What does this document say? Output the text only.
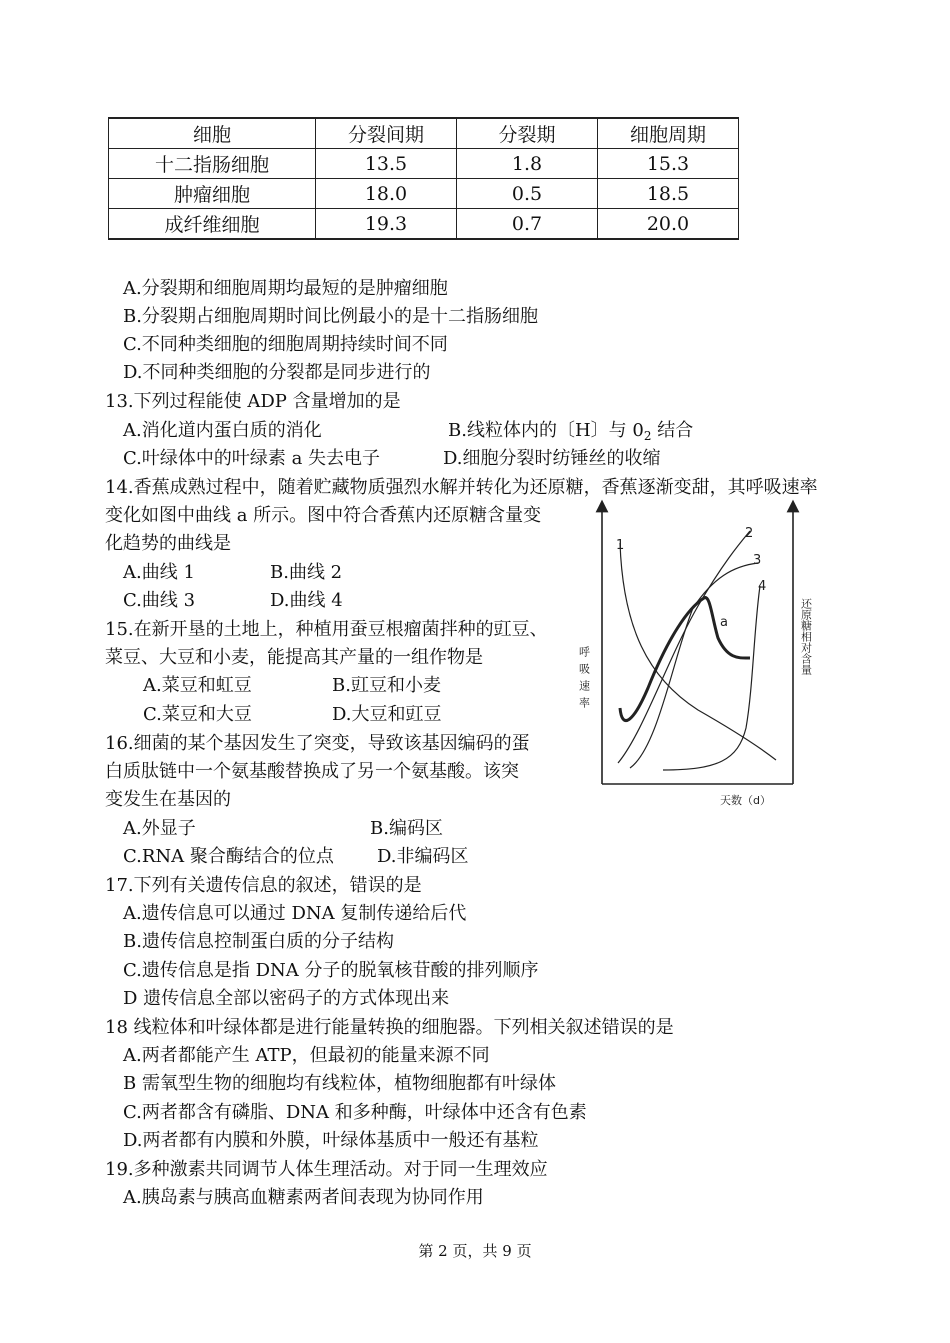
细胞	分裂间期	分裂期	细胞周期
十二指肠细胞	13.5	1.8	15.3
肿瘤细胞	18.0	0.5	18.5
成纤维细胞	19.3	0.7	20.0
A.分裂期和细胞周期均最短的是肿瘤细胞
B.分裂期占细胞周期时间比例最小的是十二指肠细胞
C.不同种类细胞的细胞周期持续时间不同
D.不同种类细胞的分裂都是同步进行的
13.下列过程能使 ADP 含量增加的是
A.消化道内蛋白质的消化	B.线粒体内的〔H〕与 $0_2$ 结合
C.叶绿体中的叶绿素 a 失去电子	D.细胞分裂时纺锤丝的收缩
14.香蕉成熟过程中，随着贮藏物质强烈水解并转化为还原糖，香蕉逐渐变甜，其呼吸速率
变化如图中曲线 a 所示。图中符合香蕉内还原糖含量变
化趋势的曲线是
A.曲线 1	B.曲线 2
C.曲线 3	D.曲线 4
15.在新开垦的土地上，种植用蚕豆根瘤菌拌种的豇豆、
菜豆、大豆和小麦，能提高其产量的一组作物是
A.菜豆和虹豆	B.豇豆和小麦
C.菜豆和大豆	D.大豆和豇豆
16.细菌的某个基因发生了突变，导致该基因编码的蛋
白质肽链中一个氨基酸替换成了另一个氨基酸。该突
变发生在基因的
A.外显子	B.编码区
C.RNA 聚合酶结合的位点 D.非编码区
17.下列有关遗传信息的叙述，错误的是
A.遗传信息可以通过 DNA 复制传递给后代
B.遗传信息控制蛋白质的分子结构
C.遗传信息是指 DNA 分子的脱氧核苷酸的排列顺序
D 遗传信息全部以密码子的方式体现出来
18 线粒体和叶绿体都是进行能量转换的细胞器。下列相关叙述错误的是
A.两者都能产生 ATP，但最初的能量来源不同
B 需氧型生物的细胞均有线粒体，植物细胞都有叶绿体
C.两者都含有磷脂、DNA 和多种酶，叶绿体中还含有色素
D.两者都有内膜和外膜，叶绿体基质中一般还有基粒
19.多种激素共同调节人体生理活动。对于同一生理效应
A.胰岛素与胰高血糖素两者间表现为协同作用
1
2
3
4
a
呼吸速率
还原糖相对含量
天数（d）
第 2 页，共 9 页
